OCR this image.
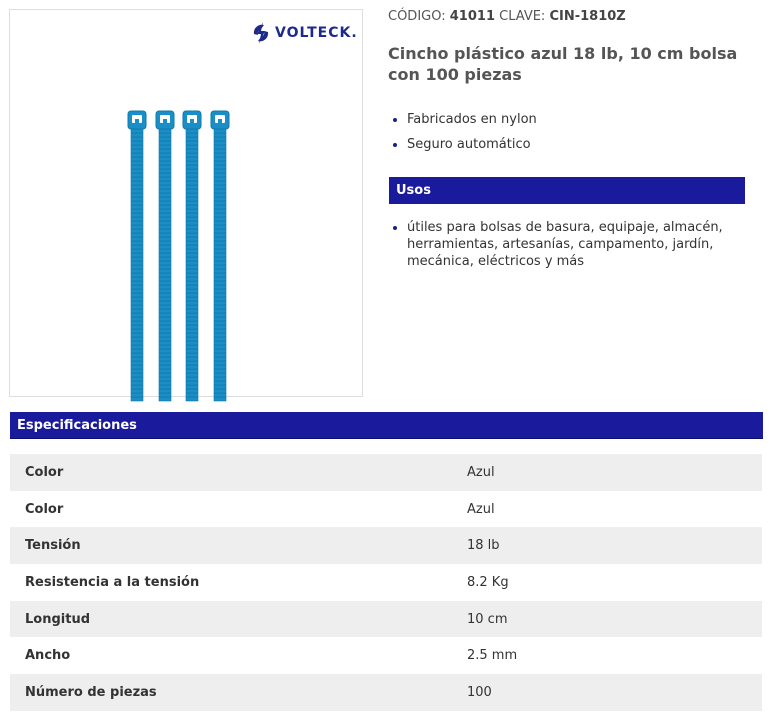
VOLTECK.
CÓDIGO: 41011 CLAVE: CIN-1810Z
Cincho plástico azul 18 lb, 10 cm bolsa con 100 piezas
• Fabricados en nylon
• Seguro automático
Usos
• útiles para bolsas de basura, equipaje, almacén, herramientas, artesanías, campamento, jardín, mecánica, eléctricos y más
Especificaciones
Color	Azul
Color	Azul
Tensión	18 lb
Resistencia a la tensión	8.2 Kg
Longitud	10 cm
Ancho	2.5 mm
Número de piezas	100
